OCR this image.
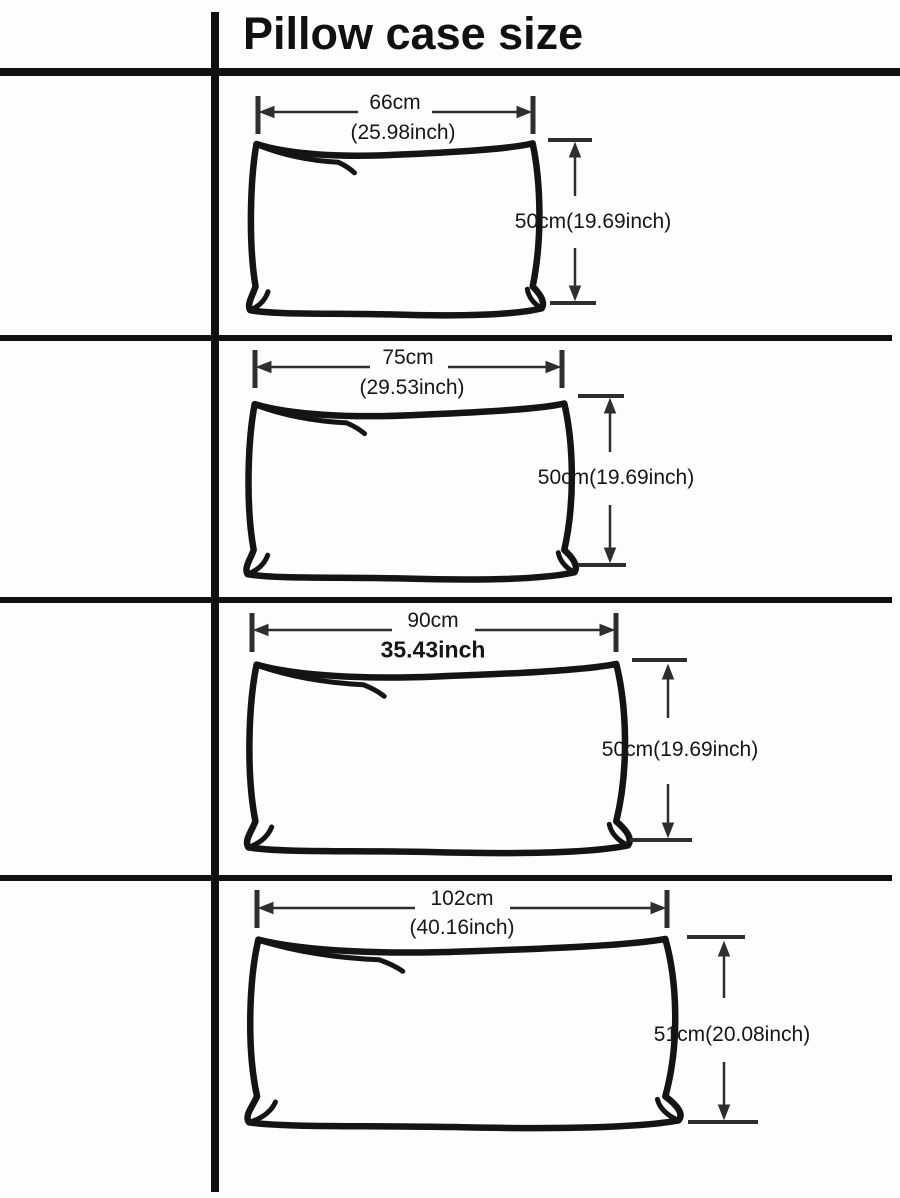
Pillow case size
66cm
(25.98inch)
50cm(19.69inch)
75cm
(29.53inch)
50cm(19.69inch)
90cm
35.43inch
50cm(19.69inch)
102cm
(40.16inch)
51cm(20.08inch)
